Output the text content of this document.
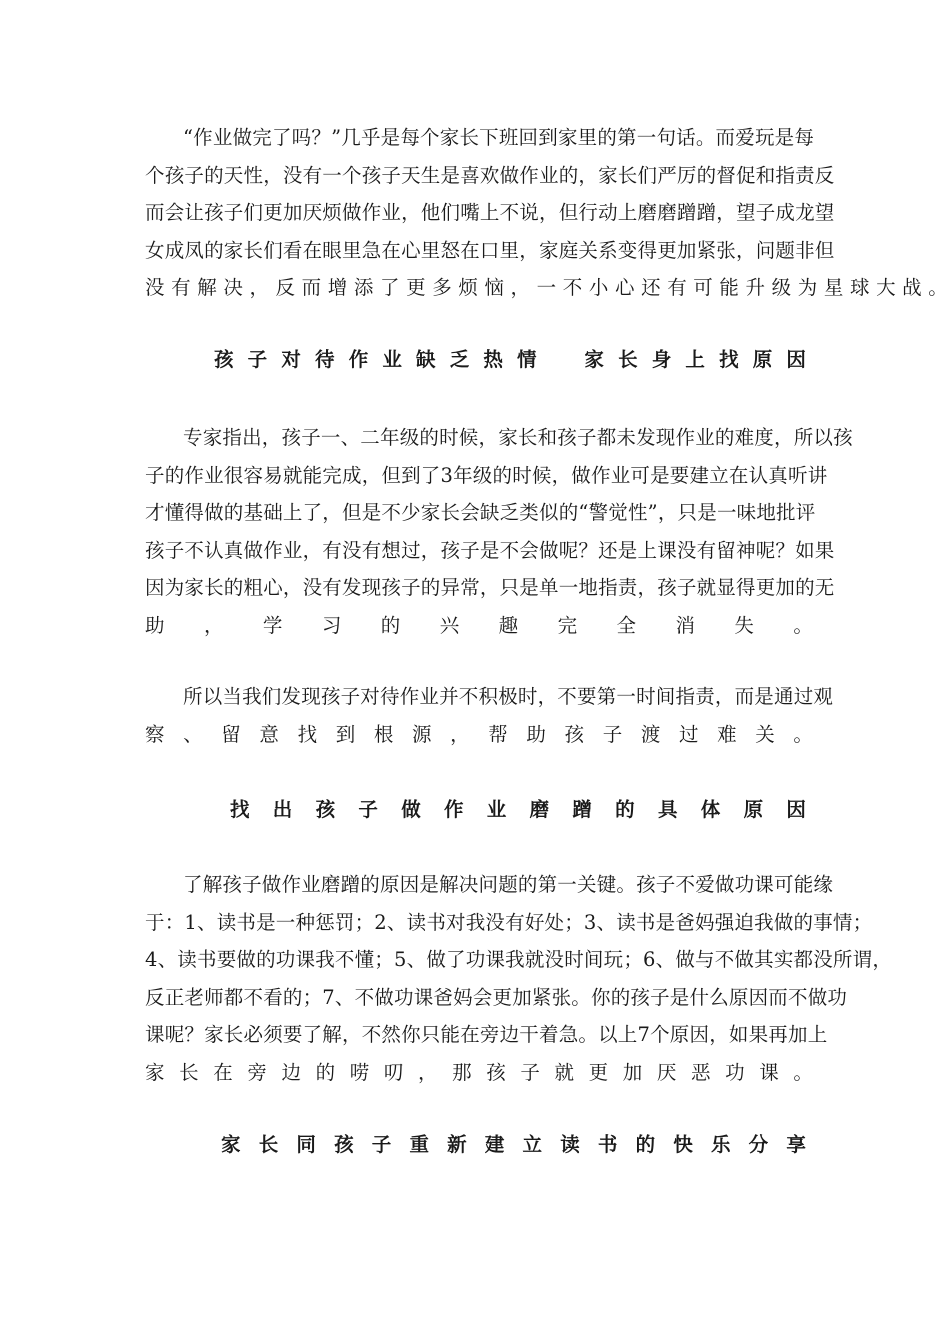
“作业做完了吗？”几乎是每个家长下班回到家里的第一句话。而爱玩是每
个孩子的天性，没有一个孩子天生是喜欢做作业的，家长们严厉的督促和指责反
而会让孩子们更加厌烦做作业，他们嘴上不说，但行动上磨磨蹭蹭，望子成龙望
女成凤的家长们看在眼里急在心里怒在口里，家庭关系变得更加紧张，问题非但
没 有 解 决 ， 反 而 增 添 了 更 多 烦 恼 ， 一 不 小 心 还 有 可 能 升 级 为 星 球 大 战 。
孩 子 对 待 作 业 缺 乏 热 情 　 家 长 身 上 找 原 因
专家指出，孩子一、二年级的时候，家长和孩子都未发现作业的难度，所以孩
子的作业很容易就能完成，但到了3年级的时候，做作业可是要建立在认真听讲
才懂得做的基础上了，但是不少家长会缺乏类似的“警觉性”，只是一味地批评
孩子不认真做作业，有没有想过，孩子是不会做呢？还是上课没有留神呢？如果
因为家长的粗心，没有发现孩子的异常，只是单一地指责，孩子就显得更加的无
助 ， 学 习 的 兴 趣 完 全 消 失 。
所以当我们发现孩子对待作业并不积极时，不要第一时间指责，而是通过观
察 、 留 意 找 到 根 源 ， 帮 助 孩 子 渡 过 难 关 。
找 出 孩 子 做 作 业 磨 蹭 的 具 体 原 因
了解孩子做作业磨蹭的原因是解决问题的第一关键。孩子不爱做功课可能缘
于：1、读书是一种惩罚；2、读书对我没有好处；3、读书是爸妈强迫我做的事情；
4、读书要做的功课我不懂；5、做了功课我就没时间玩；6、做与不做其实都没所谓，
反正老师都不看的；7、不做功课爸妈会更加紧张。你的孩子是什么原因而不做功
课呢？家长必须要了解，不然你只能在旁边干着急。以上7个原因，如果再加上
家 长 在 旁 边 的 唠 叨 ， 那 孩 子 就 更 加 厌 恶 功 课 。
家 长 同 孩 子 重 新 建 立 读 书 的 快 乐 分 享
